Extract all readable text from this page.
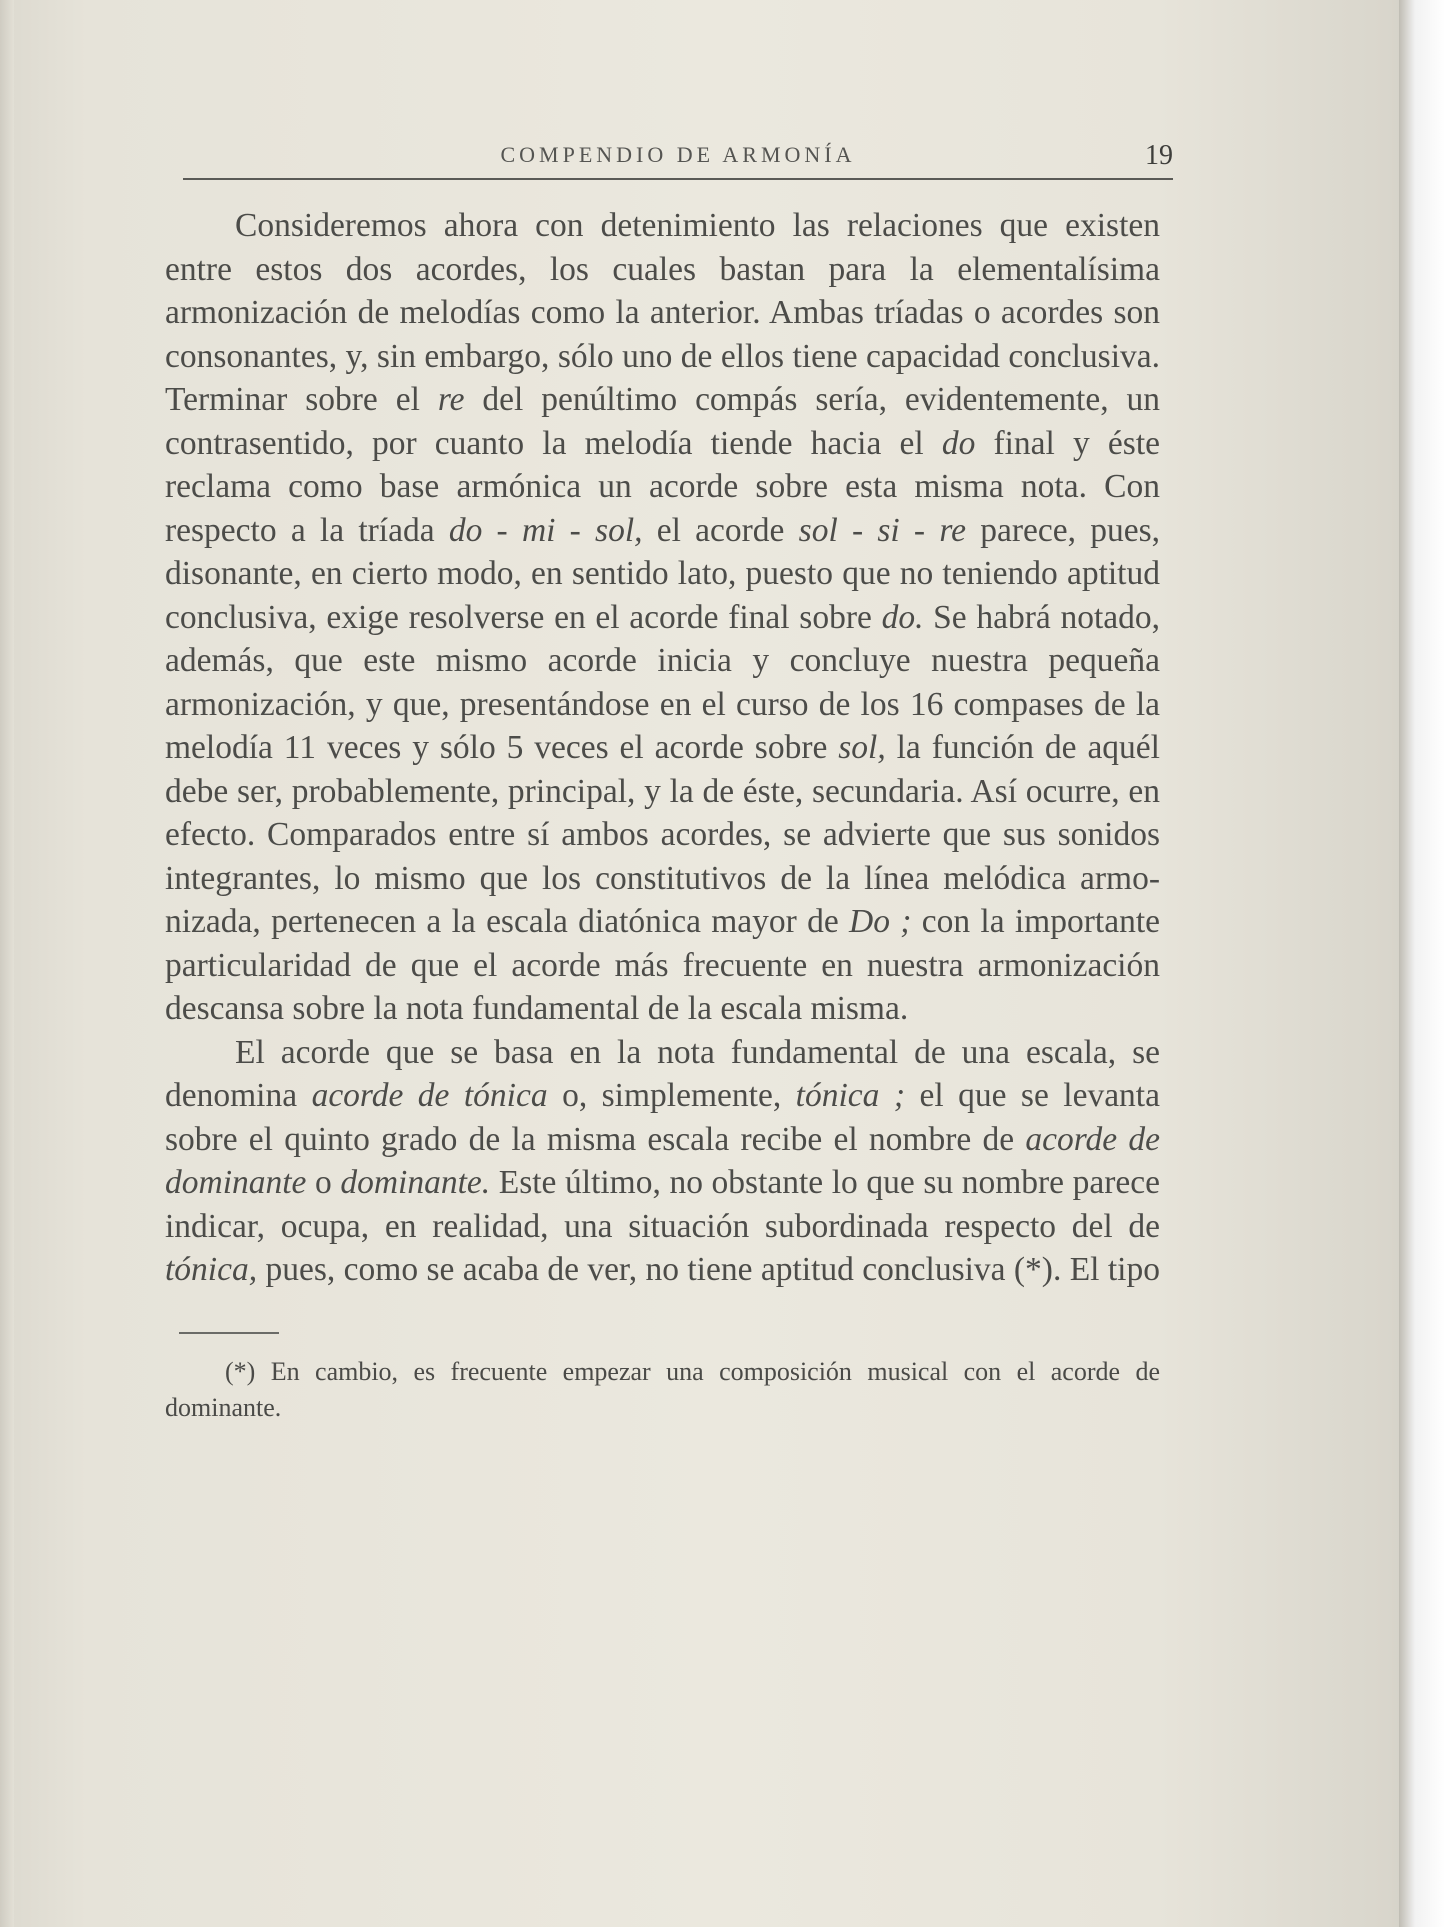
COMPENDIO DE ARMONÍA	19

Consideremos ahora con detenimiento las relaciones que existen entre estos dos acordes, los cuales bastan para la elementalísima armonización de melodías como la anterior. Ambas tríadas o acordes son consonantes, y, sin embargo, sólo uno de ellos tiene capacidad conclusiva. Terminar sobre el re del penúltimo compás sería, evidentemente, un contrasentido, por cuanto la melodía tiende hacia el do final y éste reclama como base armónica un acorde sobre esta misma nota. Con respecto a la tríada do - mi - sol, el acorde sol - si - re parece, pues, disonante, en cierto modo, en sentido lato, puesto que no teniendo aptitud conclusiva, exige resolverse en el acorde final sobre do. Se habrá notado, además, que este mismo acorde inicia y concluye nuestra pequeña armonización, y que, presentándose en el curso de los 16 compases de la melodía 11 veces y sólo 5 veces el acorde sobre sol, la función de aquél debe ser, probablemente, principal, y la de éste, secundaria. Así ocurre, en efecto. Comparados entre sí ambos acordes, se advierte que sus sonidos integrantes, lo mismo que los constitutivos de la línea melódica armonizada, pertenecen a la escala diatónica mayor de Do ; con la importante particularidad de que el acorde más frecuente en nuestra armonización descansa sobre la nota fundamental de la escala misma.

El acorde que se basa en la nota fundamental de una escala, se denomina acorde de tónica o, simplemente, tónica ; el que se levanta sobre el quinto grado de la misma escala recibe el nombre de acorde de dominante o dominante. Este último, no obstante lo que su nombre parece indicar, ocupa, en realidad, una situación subordinada respecto del de tónica, pues, como se acaba de ver, no tiene aptitud conclusiva (*). El tipo

(*) En cambio, es frecuente empezar una composición musical con el acorde de dominante.
